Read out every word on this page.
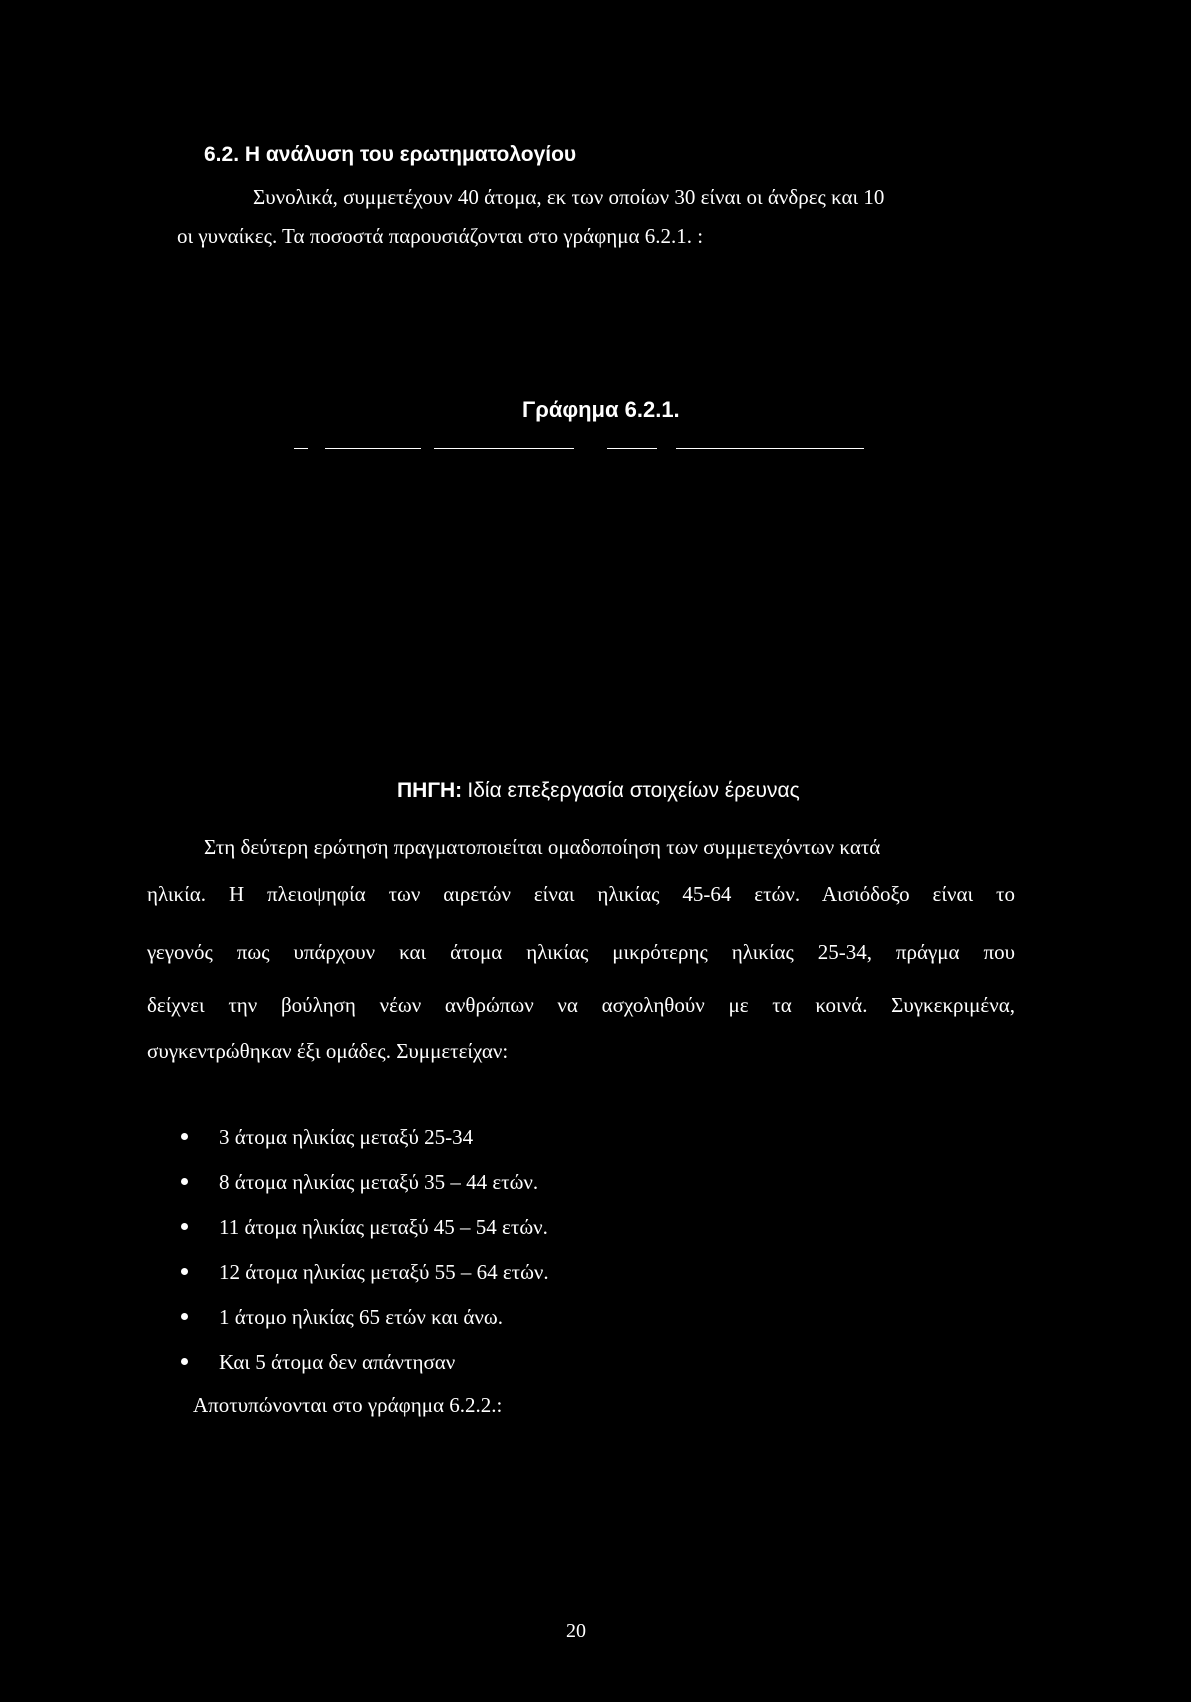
6.2. Η ανάλυση του ερωτηματολογίου
Συνολικά, συμμετέχουν 40 άτομα, εκ των οποίων 30 είναι οι άνδρες και 10
οι γυναίκες. Τα ποσοστά παρουσιάζονται στο γράφημα 6.2.1. :
Γράφημα 6.2.1.
ΠΗΓΗ: Ιδία επεξεργασία στοιχείων έρευνας
Στη δεύτερη ερώτηση πραγματοποιείται ομαδοποίηση των συμμετεχόντων κατά
ηλικία. Η πλειοψηφία των αιρετών είναι ηλικίας 45-64 ετών. Αισιόδοξο είναι το
γεγονός πως υπάρχουν και άτομα ηλικίας μικρότερης ηλικίας 25-34, πράγμα που
δείχνει την βούληση νέων ανθρώπων να ασχοληθούν με τα κοινά. Συγκεκριμένα,
συγκεντρώθηκαν έξι ομάδες. Συμμετείχαν:
3 άτομα ηλικίας μεταξύ 25-34
8 άτομα ηλικίας μεταξύ 35 – 44 ετών.
11 άτομα ηλικίας μεταξύ 45 – 54 ετών.
12 άτομα ηλικίας μεταξύ 55 – 64 ετών.
1 άτομο ηλικίας 65 ετών και άνω.
Και 5 άτομα δεν απάντησαν
Αποτυπώνονται στο γράφημα 6.2.2.:
20
